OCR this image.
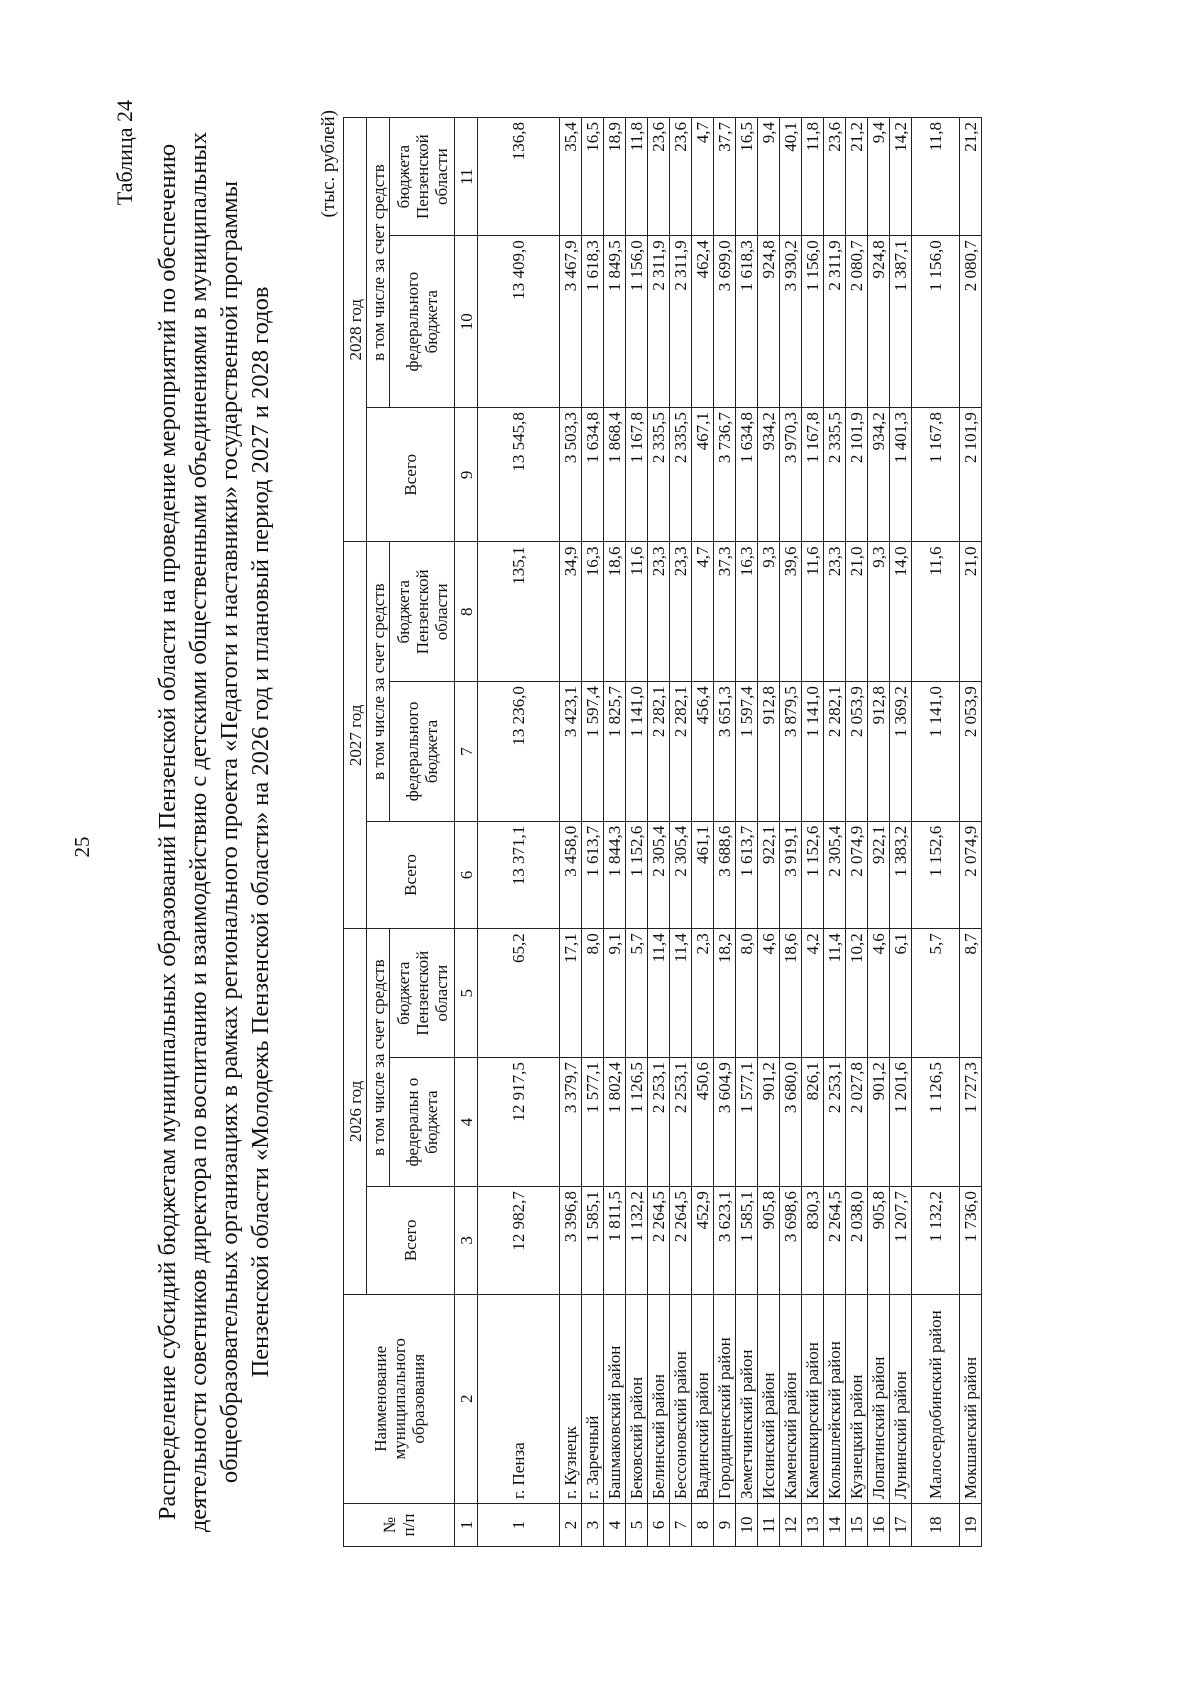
25
Таблица 24 Распределение субсидий бюджетам муниципальных образований Пензенской области на проведение мероприятий по обеспечению деятельности советников директора по воспитанию и взаимодействию с детскими общественными объединениями в муниципальных общеобразовательных организациях в рамках регионального проекта «Педагоги и наставники» государственной программы Пензенской области «Молодежь Пензенской области» на 2026 год и плановый период 2027 и 2028 годов
(тыс. рублей)
№ п/п	Наименование муниципального образования	2026 год			2027 год			2028 год		
		Всего	в том числе за счет средств		Всего	в том числе за счет средств		Всего	в том числе за счет средств	
			федеральн о бюджета	бюджета Пензенской области		федерального бюджета	бюджета Пензенской области		федерального бюджета	бюджета Пензенской области
1	2	3	4	5	6	7	8	9	10	11
1	г. Пенза	12 982,7	12 917,5	65,2	13 371,1	13 236,0	135,1	13 545,8	13 409,0	136,8
2	г. Кузнецк	3 396,8	3 379,7	17,1	3 458,0	3 423,1	34,9	3 503,3	3 467,9	35,4
3	г. Заречный	1 585,1	1 577,1	8,0	1 613,7	1 597,4	16,3	1 634,8	1 618,3	16,5
4	Башмаковский район	1 811,5	1 802,4	9,1	1 844,3	1 825,7	18,6	1 868,4	1 849,5	18,9
5	Бековский район	1 132,2	1 126,5	5,7	1 152,6	1 141,0	11,6	1 167,8	1 156,0	11,8
6	Белинский район	2 264,5	2 253,1	11,4	2 305,4	2 282,1	23,3	2 335,5	2 311,9	23,6
7	Бессоновский район	2 264,5	2 253,1	11,4	2 305,4	2 282,1	23,3	2 335,5	2 311,9	23,6
8	Вадинский район	452,9	450,6	2,3	461,1	456,4	4,7	467,1	462,4	4,7
9	Городищенский район	3 623,1	3 604,9	18,2	3 688,6	3 651,3	37,3	3 736,7	3 699,0	37,7
10	Земетчинский район	1 585,1	1 577,1	8,0	1 613,7	1 597,4	16,3	1 634,8	1 618,3	16,5
11	Иссинский район	905,8	901,2	4,6	922,1	912,8	9,3	934,2	924,8	9,4
12	Каменский район	3 698,6	3 680,0	18,6	3 919,1	3 879,5	39,6	3 970,3	3 930,2	40,1
13	Камешкирский район	830,3	826,1	4,2	1 152,6	1 141,0	11,6	1 167,8	1 156,0	11,8
14	Колышлейский район	2 264,5	2 253,1	11,4	2 305,4	2 282,1	23,3	2 335,5	2 311,9	23,6
15	Кузнецкий район	2 038,0	2 027,8	10,2	2 074,9	2 053,9	21,0	2 101,9	2 080,7	21,2
16	Лопатинский район	905,8	901,2	4,6	922,1	912,8	9,3	934,2	924,8	9,4
17	Лунинский район	1 207,7	1 201,6	6,1	1 383,2	1 369,2	14,0	1 401,3	1 387,1	14,2
18	Малосердобинский район	1 132,2	1 126,5	5,7	1 152,6	1 141,0	11,6	1 167,8	1 156,0	11,8
19	Мокшанский район	1 736,0	1 727,3	8,7	2 074,9	2 053,9	21,0	2 101,9	2 080,7	21,2
